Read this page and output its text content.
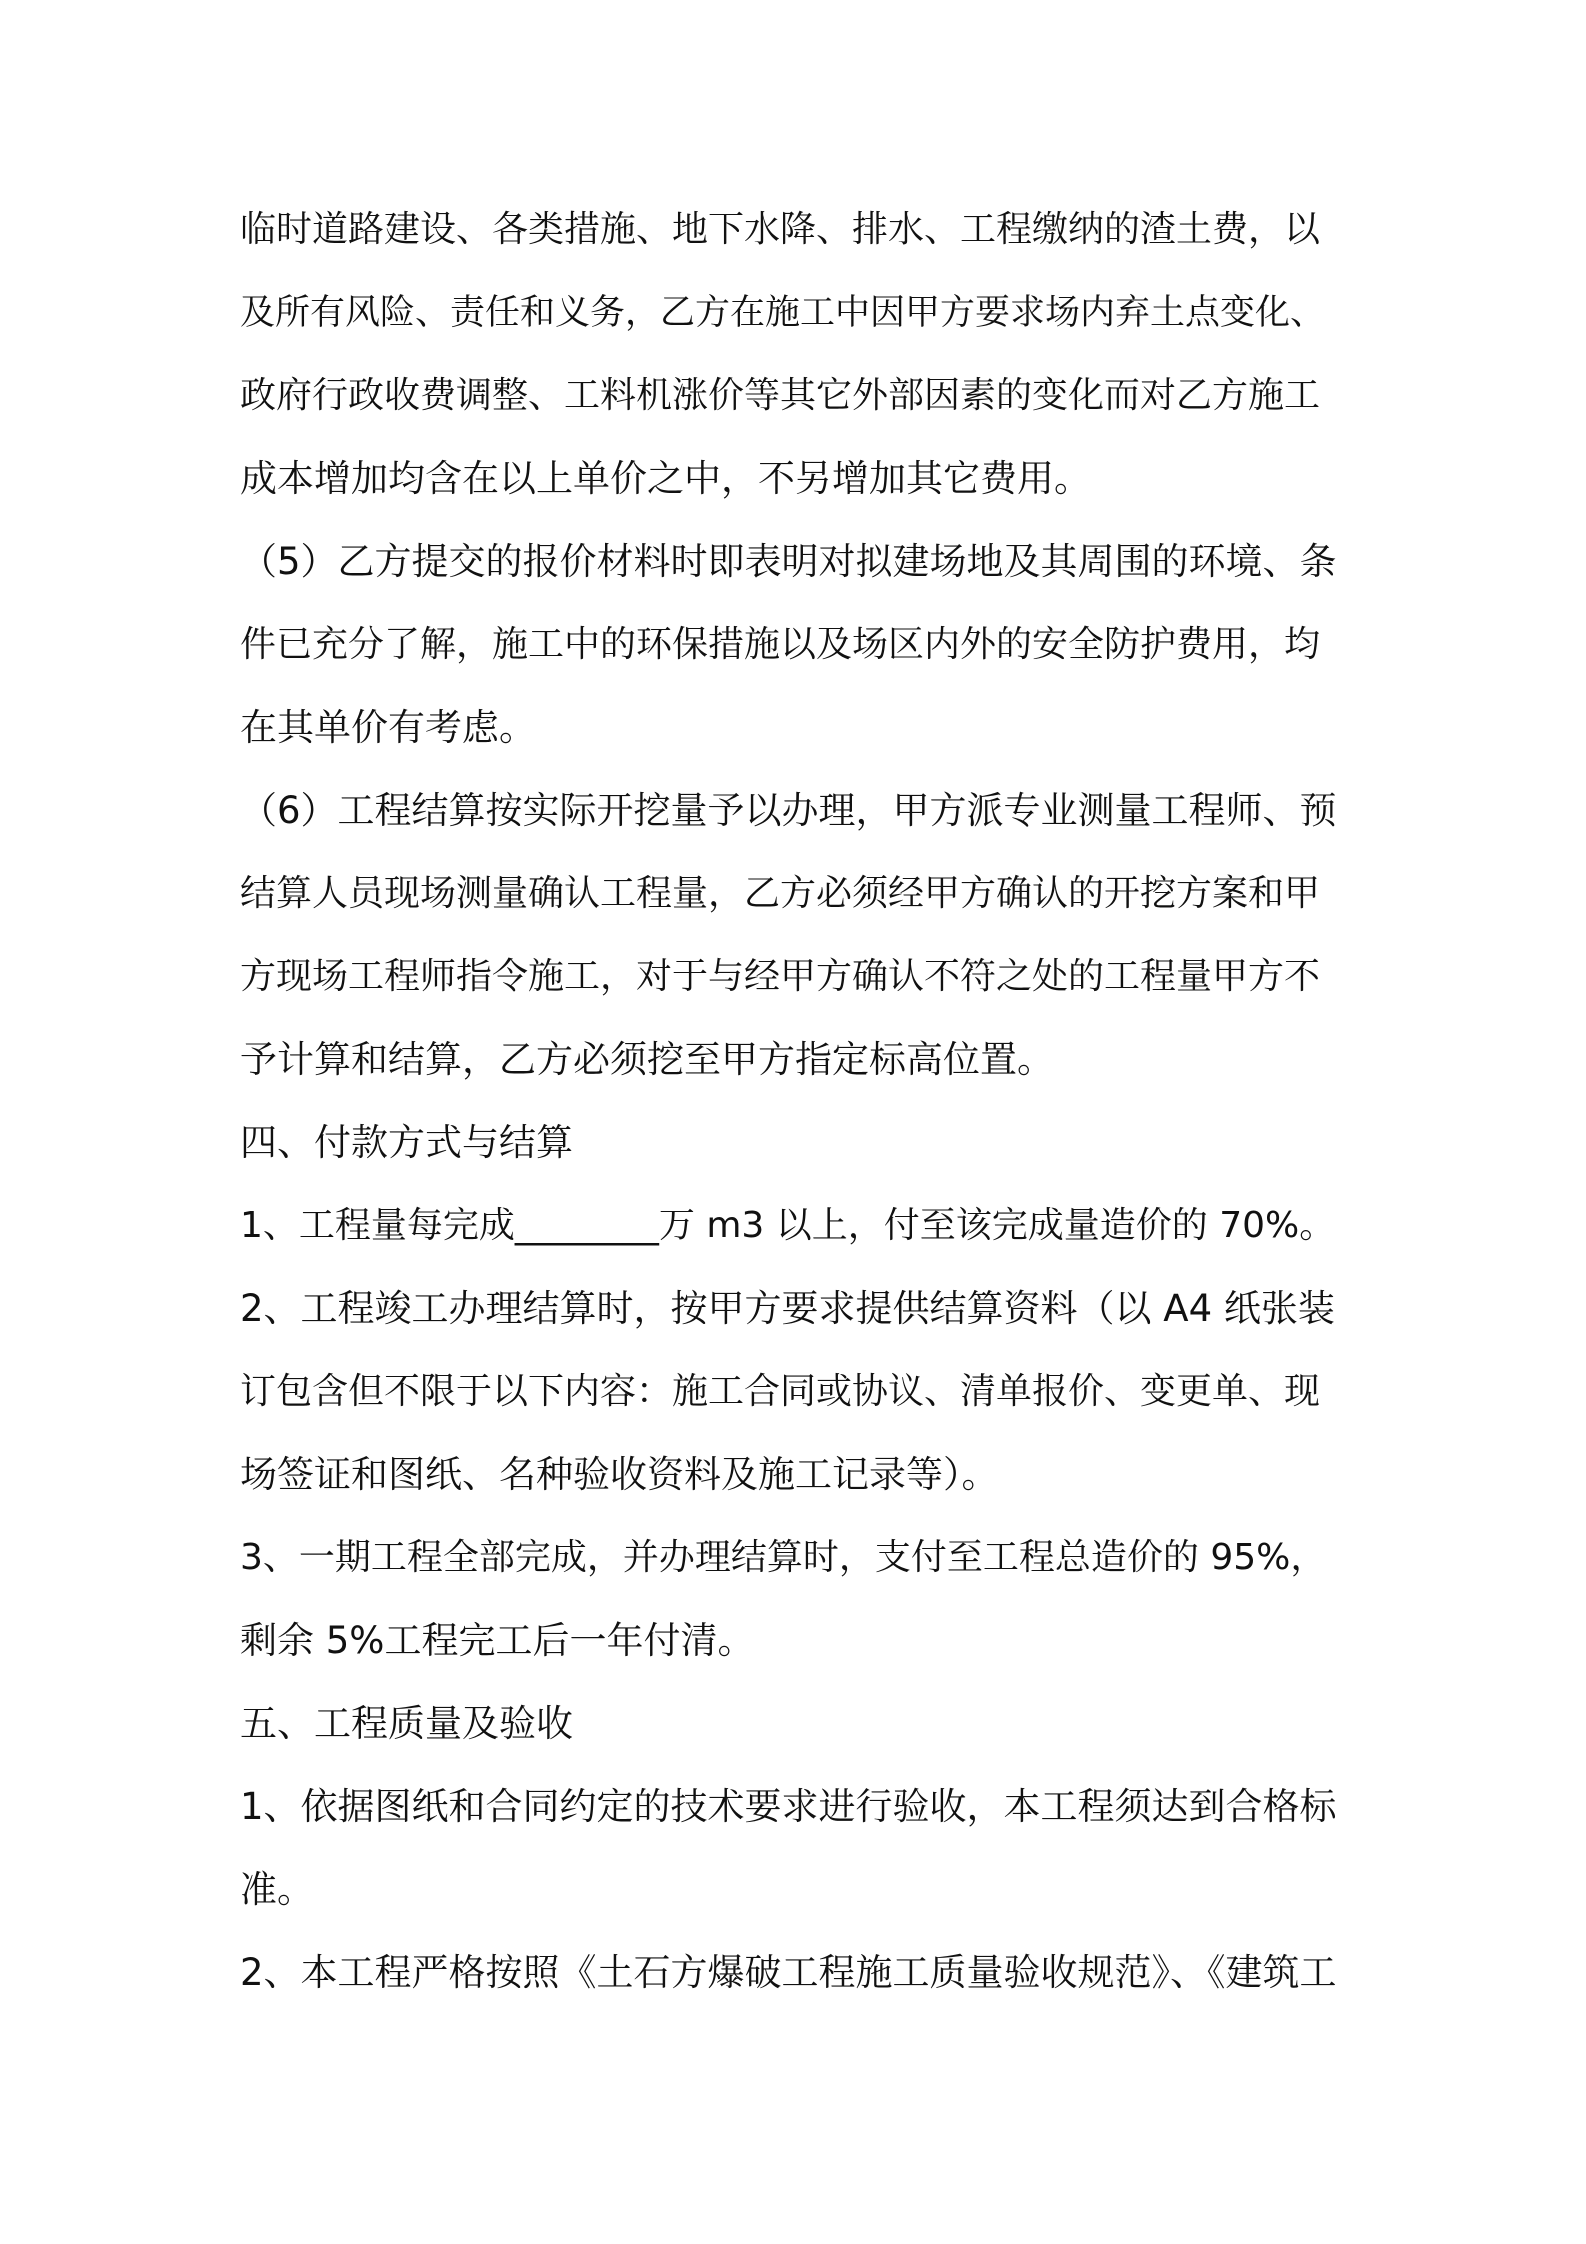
临时道路建设、各类措施、地下水降、排水、工程缴纳的渣土费，以

及所有风险、责任和义务，乙方在施工中因甲方要求场内弃土点变化、

政府行政收费调整、工料机涨价等其它外部因素的变化而对乙方施工

成本增加均含在以上单价之中，不另增加其它费用。

（5）乙方提交的报价材料时即表明对拟建场地及其周围的环境、条

件已充分了解，施工中的环保措施以及场区内外的安全防护费用，均

在其单价有考虑。

（6）工程结算按实际开挖量予以办理，甲方派专业测量工程师、预

结算人员现场测量确认工程量，乙方必须经甲方确认的开挖方案和甲

方现场工程师指令施工，对于与经甲方确认不符之处的工程量甲方不

予计算和结算，乙方必须挖至甲方指定标高位置。

四、付款方式与结算

1、工程量每完成________万 m3 以上，付至该完成量造价的 70%。

2、工程竣工办理结算时，按甲方要求提供结算资料（以 A4 纸张装

订包含但不限于以下内容：施工合同或协议、清单报价、变更单、现

场签证和图纸、名种验收资料及施工记录等）。

3、一期工程全部完成，并办理结算时，支付至工程总造价的 95%，

剩余 5%工程完工后一年付清。

五、工程质量及验收

1、依据图纸和合同约定的技术要求进行验收，本工程须达到合格标

准。

2、本工程严格按照《土石方爆破工程施工质量验收规范》、《建筑工
